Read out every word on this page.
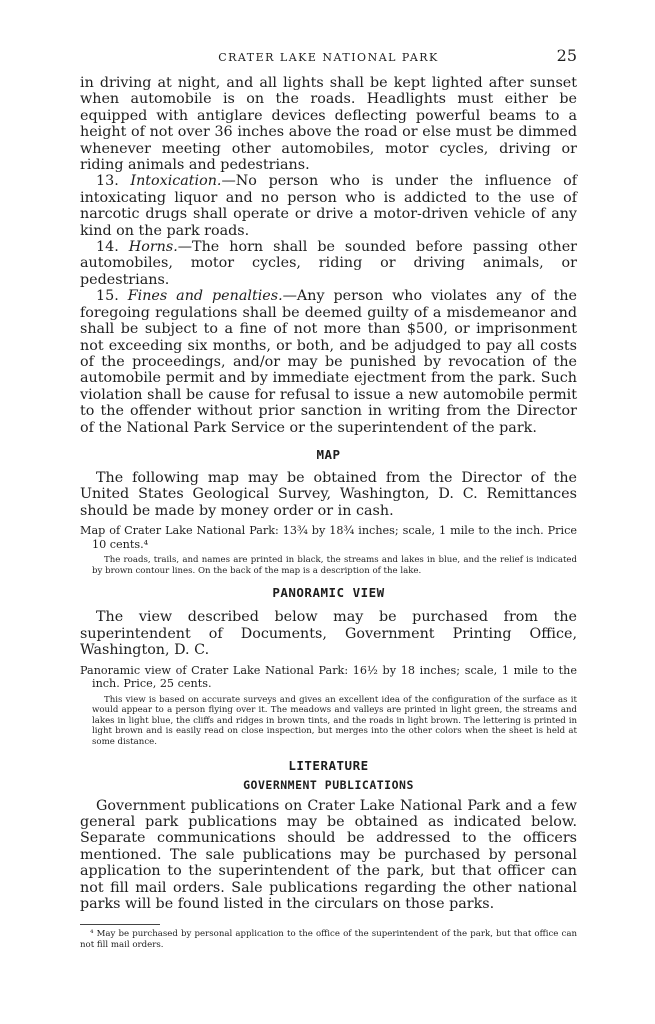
CRATER LAKE NATIONAL PARK	25

in driving at night, and all lights shall be kept lighted after sunset when automobile is on the roads. Headlights must either be equipped with antiglare devices deflecting powerful beams to a height of not over 36 inches above the road or else must be dimmed whenever meeting other automobiles, motor cycles, driving or riding animals and pedestrians.

13. Intoxication.—No person who is under the influence of intoxicating liquor and no person who is addicted to the use of narcotic drugs shall operate or drive a motor-driven vehicle of any kind on the park roads.

14. Horns.—The horn shall be sounded before passing other automobiles, motor cycles, riding or driving animals, or pedestrians.

15. Fines and penalties.—Any person who violates any of the foregoing regulations shall be deemed guilty of a misdemeanor and shall be subject to a fine of not more than $500, or imprisonment not exceeding six months, or both, and be adjudged to pay all costs of the proceedings, and/or may be punished by revocation of the automobile permit and by immediate ejectment from the park. Such violation shall be cause for refusal to issue a new automobile permit to the offender without prior sanction in writing from the Director of the National Park Service or the superintendent of the park.

MAP

The following map may be obtained from the Director of the United States Geological Survey, Washington, D. C. Remittances should be made by money order or in cash.

Map of Crater Lake National Park: 13¾ by 18¾ inches; scale, 1 mile to the inch. Price 10 cents.⁴

The roads, trails, and names are printed in black, the streams and lakes in blue, and the relief is indicated by brown contour lines. On the back of the map is a description of the lake.

PANORAMIC VIEW

The view described below may be purchased from the superintendent of Documents, Government Printing Office, Washington, D. C.

Panoramic view of Crater Lake National Park: 16½ by 18 inches; scale, 1 mile to the inch. Price, 25 cents.

This view is based on accurate surveys and gives an excellent idea of the configuration of the surface as it would appear to a person flying over it. The meadows and valleys are printed in light green, the streams and lakes in light blue, the cliffs and ridges in brown tints, and the roads in light brown. The lettering is printed in light brown and is easily read on close inspection, but merges into the other colors when the sheet is held at some distance.

LITERATURE
GOVERNMENT PUBLICATIONS

Government publications on Crater Lake National Park and a few general park publications may be obtained as indicated below. Separate communications should be addressed to the officers mentioned. The sale publications may be purchased by personal application to the superintendent of the park, but that officer can not fill mail orders. Sale publications regarding the other national parks will be found listed in the circulars on those parks.

⁴ May be purchased by personal application to the office of the superintendent of the park, but that office can not fill mail orders.
